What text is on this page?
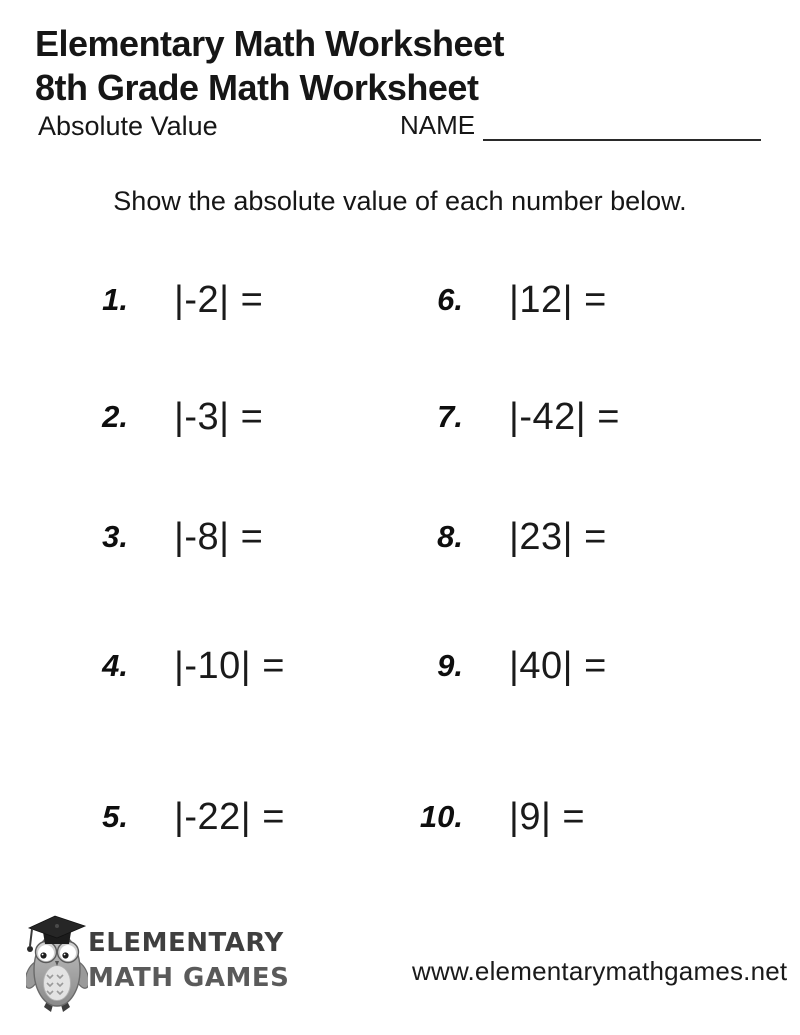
Elementary Math Worksheet
8th Grade Math Worksheet
Absolute Value	NAME

Show the absolute value of each number below.

1. |-2| =
2. |-3| =
3. |-8| =
4. |-10| =
5. |-22| =
6. |12| =
7. |-42| =
8. |23| =
9. |40| =
10. |9| =
ELEMENTARY
MATH GAMES	www.elementarymathgames.net
